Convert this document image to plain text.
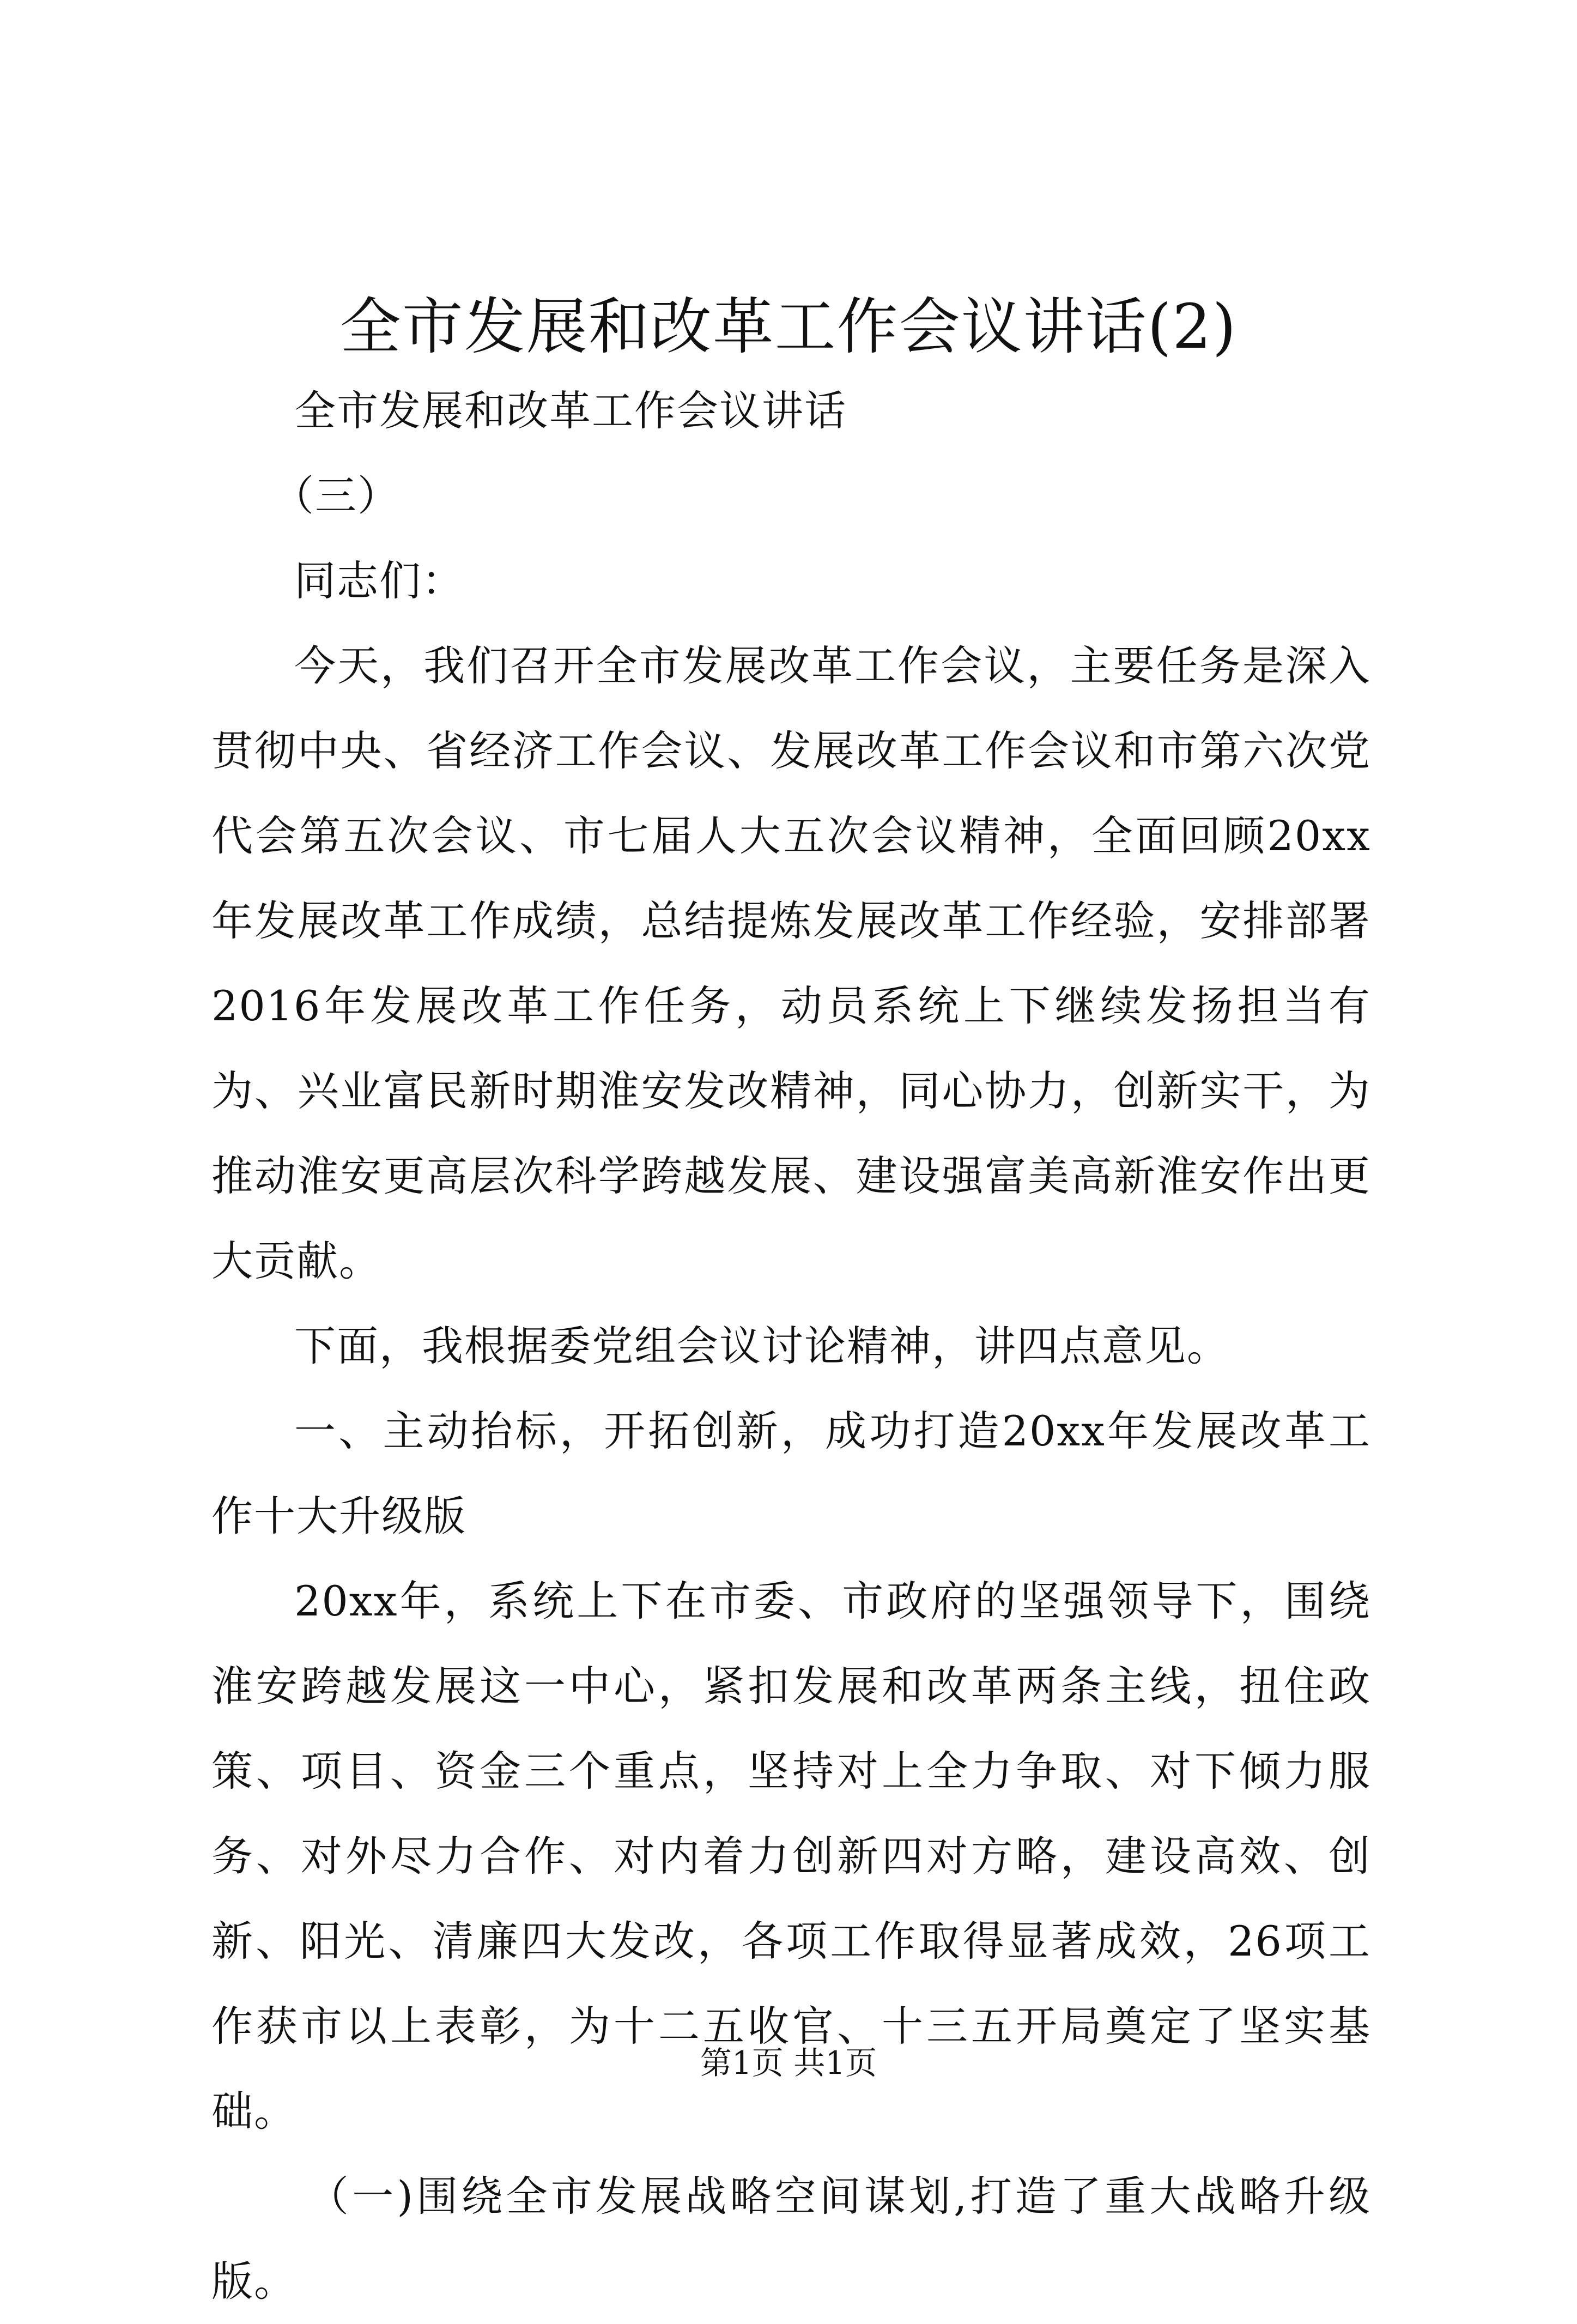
全市发展和改革工作会议讲话(2)

全市发展和改革工作会议讲话

（三）

同志们：

今天，我们召开全市发展改革工作会议，主要任务是深入贯彻中央、省经济工作会议、发展改革工作会议和市第六次党代会第五次会议、市七届人大五次会议精神，全面回顾20xx年发展改革工作成绩，总结提炼发展改革工作经验，安排部署2016年发展改革工作任务，动员系统上下继续发扬担当有为、兴业富民新时期淮安发改精神，同心协力，创新实干，为推动淮安更高层次科学跨越发展、建设强富美高新淮安作出更大贡献。

下面，我根据委党组会议讨论精神，讲四点意见。

一、主动抬标，开拓创新，成功打造20xx年发展改革工作十大升级版

20xx年，系统上下在市委、市政府的坚强领导下，围绕淮安跨越发展这一中心，紧扣发展和改革两条主线，扭住政策、项目、资金三个重点，坚持对上全力争取、对下倾力服务、对外尽力合作、对内着力创新四对方略，建设高效、创新、阳光、清廉四大发改，各项工作取得显著成效，26项工作获市以上表彰，为十二五收官、十三五开局奠定了坚实基础。

（一)围绕全市发展战略空间谋划,打造了重大战略升级版。

第1页 共1页
